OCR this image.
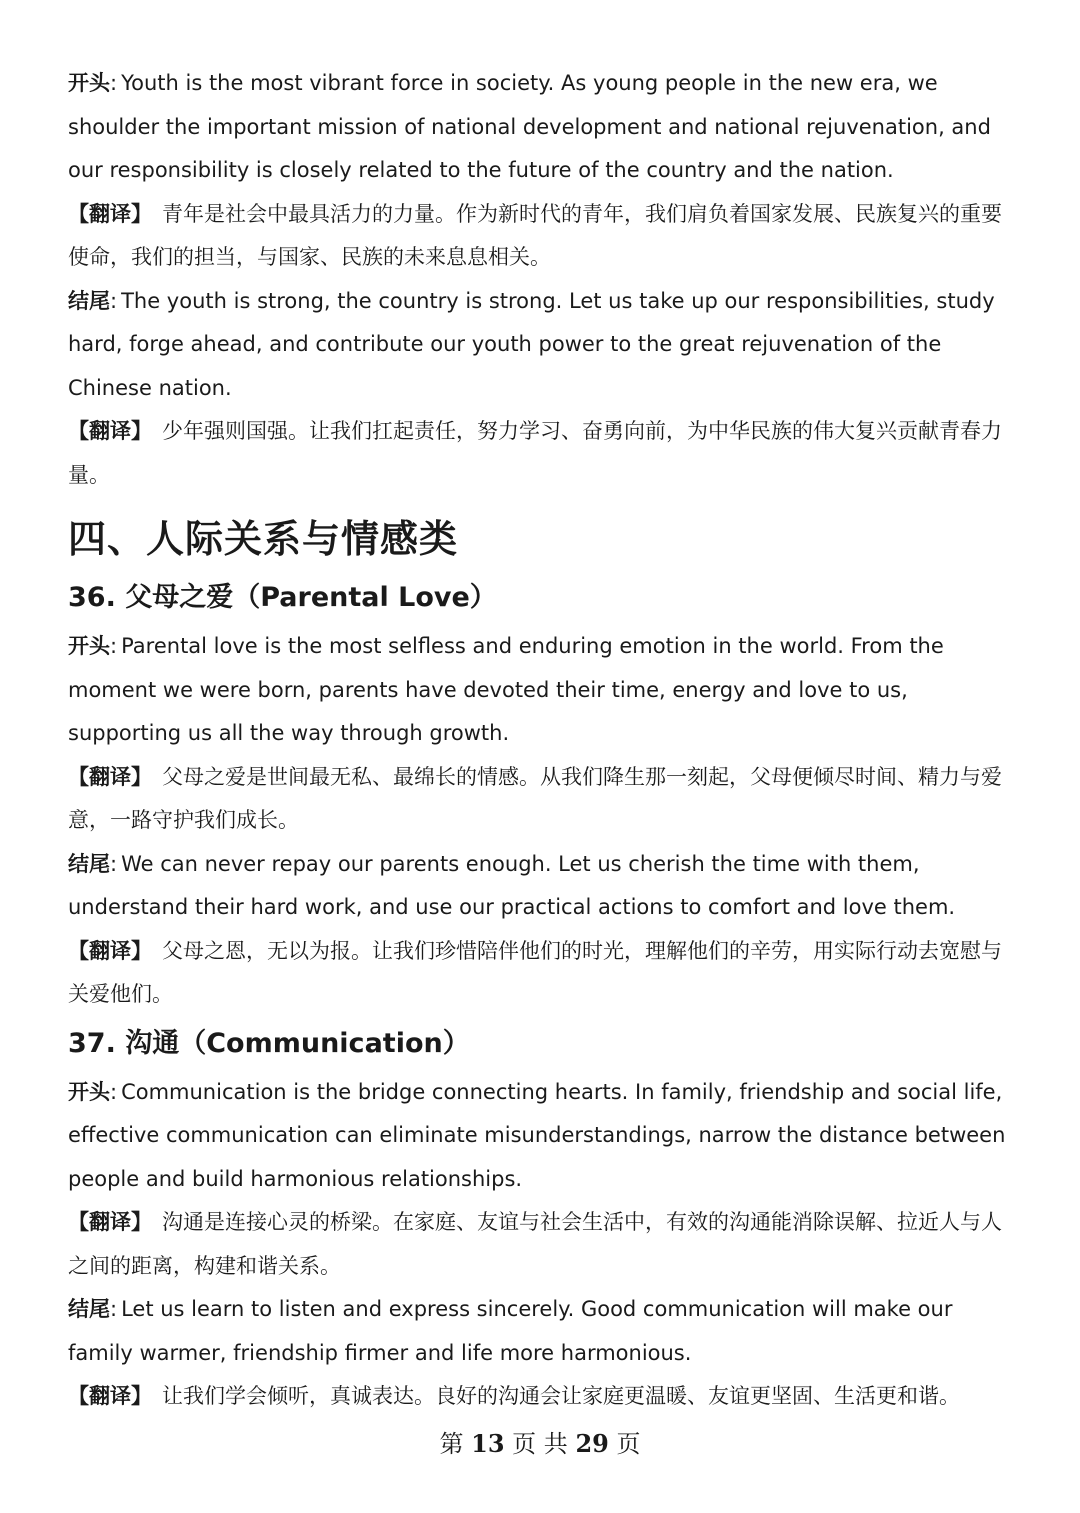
开头: Youth is the most vibrant force in society. As young people in the new era, we shoulder the important mission of national development and national rejuvenation, and our responsibility is closely related to the future of the country and the nation.

【翻译】 青年是社会中最具活力的力量。作为新时代的青年，我们肩负着国家发展、民族复兴的重要使命，我们的担当，与国家、民族的未来息息相关。

结尾: The youth is strong, the country is strong. Let us take up our responsibilities, study hard, forge ahead, and contribute our youth power to the great rejuvenation of the Chinese nation.

【翻译】 少年强则国强。让我们扛起责任，努力学习、奋勇向前，为中华民族的伟大复兴贡献青春力量。

四、人际关系与情感类
36. 父母之爱（Parental Love）

开头: Parental love is the most selfless and enduring emotion in the world. From the moment we were born, parents have devoted their time, energy and love to us, supporting us all the way through growth.

【翻译】 父母之爱是世间最无私、最绵长的情感。从我们降生那一刻起，父母便倾尽时间、精力与爱意，一路守护我们成长。

结尾: We can never repay our parents enough. Let us cherish the time with them, understand their hard work, and use our practical actions to comfort and love them.

【翻译】 父母之恩，无以为报。让我们珍惜陪伴他们的时光，理解他们的辛劳，用实际行动去宽慰与关爱他们。

37. 沟通（Communication）

开头: Communication is the bridge connecting hearts. In family, friendship and social life, effective communication can eliminate misunderstandings, narrow the distance between people and build harmonious relationships.

【翻译】 沟通是连接心灵的桥梁。在家庭、友谊与社会生活中，有效的沟通能消除误解、拉近人与人之间的距离，构建和谐关系。

结尾: Let us learn to listen and express sincerely. Good communication will make our family warmer, friendship firmer and life more harmonious.

【翻译】 让我们学会倾听，真诚表达。良好的沟通会让家庭更温暖、友谊更坚固、生活更和谐。

第 13 页 共 29 页
